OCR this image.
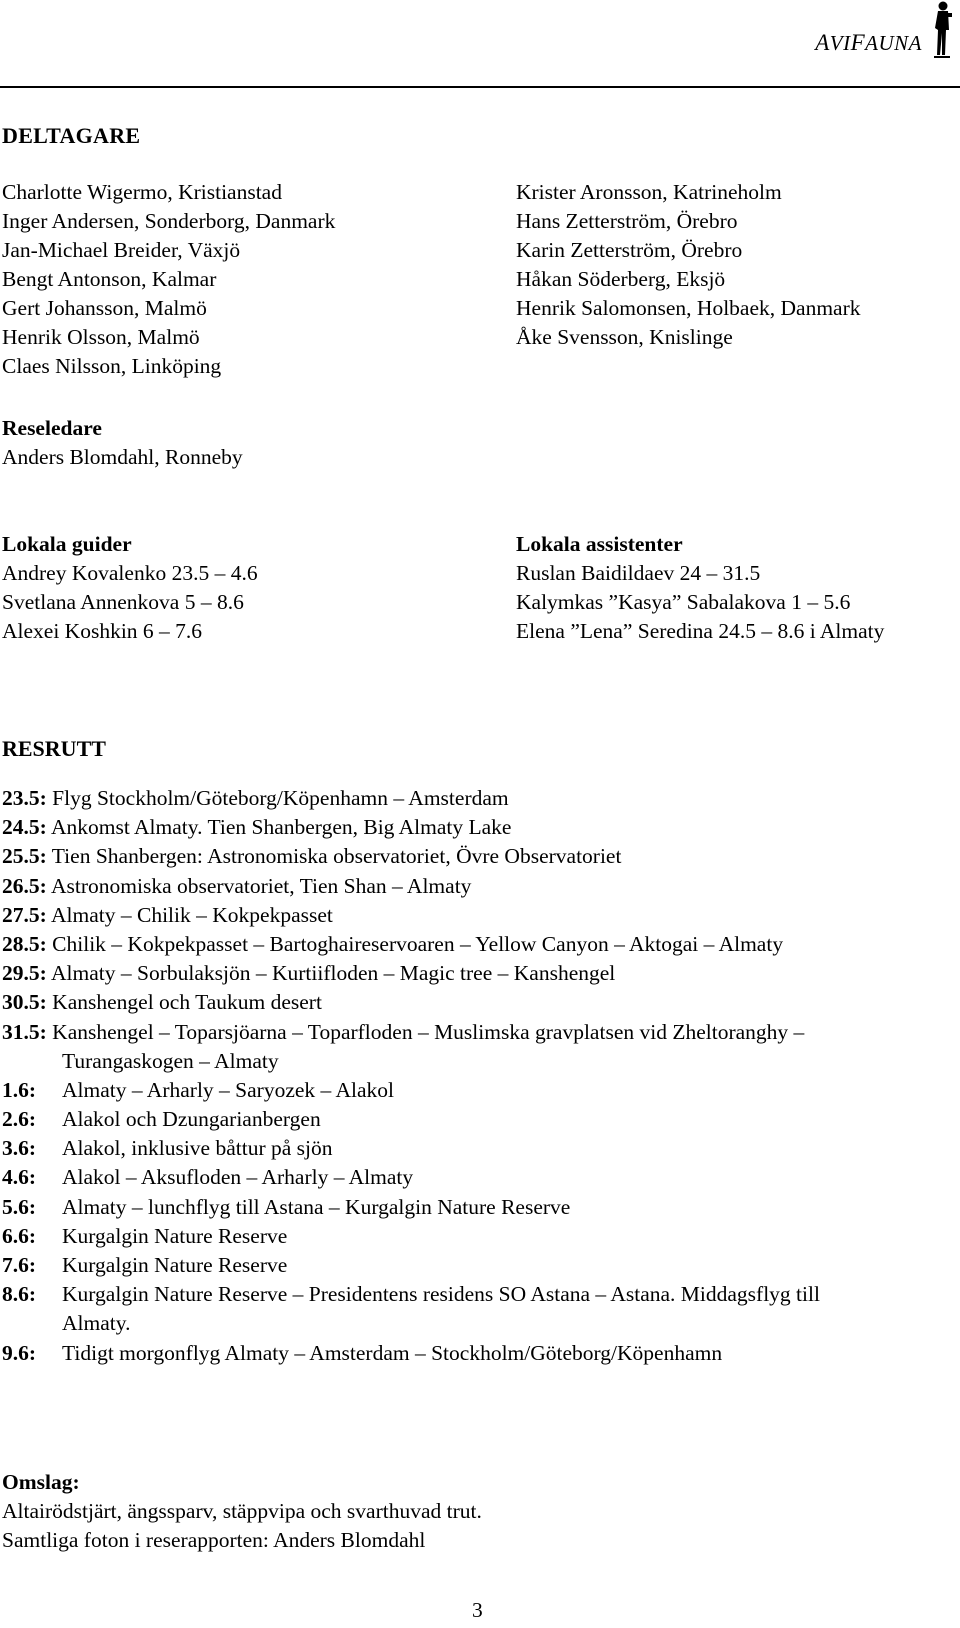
AVIFAUNA
DELTAGARE
Charlotte Wigermo, Kristianstad
Inger Andersen, Sonderborg, Danmark
Jan-Michael Breider, Växjö
Bengt Antonson, Kalmar
Gert Johansson, Malmö
Henrik Olsson, Malmö
Claes Nilsson, Linköping
Krister Aronsson, Katrineholm
Hans Zetterström, Örebro
Karin Zetterström, Örebro
Håkan Söderberg, Eksjö
Henrik Salomonsen, Holbaek, Danmark
Åke Svensson, Knislinge
Reseledare
Anders Blomdahl, Ronneby
Lokala guider
Andrey Kovalenko 23.5 – 4.6
Svetlana Annenkova 5 – 8.6
Alexei Koshkin 6 – 7.6
Lokala assistenter
Ruslan Baidildaev 24 – 31.5
Kalymkas ”Kasya” Sabalakova 1 – 5.6
Elena ”Lena” Seredina 24.5 – 8.6 i Almaty
RESRUTT
23.5: Flyg Stockholm/Göteborg/Köpenhamn – Amsterdam
24.5: Ankomst Almaty. Tien Shanbergen, Big Almaty Lake
25.5: Tien Shanbergen: Astronomiska observatoriet, Övre Observatoriet
26.5: Astronomiska observatoriet, Tien Shan – Almaty
27.5: Almaty – Chilik – Kokpekpasset
28.5: Chilik – Kokpekpasset – Bartoghaireservoaren – Yellow Canyon – Aktogai – Almaty
29.5: Almaty – Sorbulaksjön – Kurtiifloden – Magic tree – Kanshengel
30.5: Kanshengel och Taukum desert
31.5: Kanshengel – Toparsjöarna – Toparfloden – Muslimska gravplatsen vid Zheltoranghy –
Turangaskogen – Almaty
1.6: Almaty – Arharly – Saryozek – Alakol
2.6: Alakol och Dzungarianbergen
3.6: Alakol, inklusive båttur på sjön
4.6: Alakol – Aksufloden – Arharly – Almaty
5.6: Almaty – lunchflyg till Astana – Kurgalgin Nature Reserve
6.6: Kurgalgin Nature Reserve
7.6: Kurgalgin Nature Reserve
8.6: Kurgalgin Nature Reserve – Presidentens residens SO Astana – Astana. Middagsflyg till
Almaty.
9.6: Tidigt morgonflyg Almaty – Amsterdam – Stockholm/Göteborg/Köpenhamn
Omslag:
Altairödstjärt, ängssparv, stäppvipa och svarthuvad trut.
Samtliga foton i reserapporten: Anders Blomdahl
3
